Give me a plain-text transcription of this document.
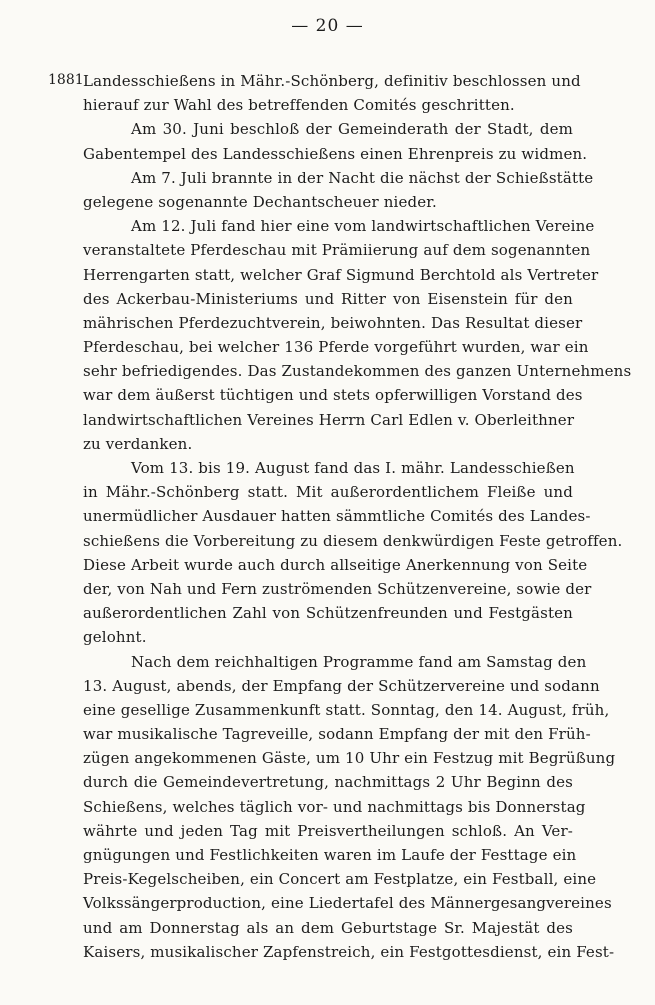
— 20 —
1881 Landesschießens in Mähr.-Schönberg, definitiv beschlossen und
hierauf zur Wahl des betreffenden Comités geschritten.
Am 30. Juni beschloß der Gemeinderath der Stadt, dem
Gabentempel des Landesschießens einen Ehrenpreis zu widmen.
Am 7. Juli brannte in der Nacht die nächst der Schießstätte
gelegene sogenannte Dechantscheuer nieder.
Am 12. Juli fand hier eine vom landwirtschaftlichen Vereine
veranstaltete Pferdeschau mit Prämiierung auf dem sogenannten
Herrengarten statt, welcher Graf Sigmund Berchtold als Vertreter
des Ackerbau-Ministeriums und Ritter von Eisenstein für den
mährischen Pferdezuchtverein, beiwohnten. Das Resultat dieser
Pferdeschau, bei welcher 136 Pferde vorgeführt wurden, war ein
sehr befriedigendes. Das Zustandekommen des ganzen Unternehmens
war dem äußerst tüchtigen und stets opferwilligen Vorstand des
landwirtschaftlichen Vereines Herrn Carl Edlen v. Oberleithner
zu verdanken.
Vom 13. bis 19. August fand das I. mähr. Landesschießen
in Mähr.-Schönberg statt. Mit außerordentlichem Fleiße und
unermüdlicher Ausdauer hatten sämmtliche Comités des Landes-
schießens die Vorbereitung zu diesem denkwürdigen Feste getroffen.
Diese Arbeit wurde auch durch allseitige Anerkennung von Seite
der, von Nah und Fern zuströmenden Schützenvereine, sowie der
außerordentlichen Zahl von Schützenfreunden und Festgästen
gelohnt.
Nach dem reichhaltigen Programme fand am Samstag den
13. August, abends, der Empfang der Schützervereine und sodann
eine gesellige Zusammenkunft statt. Sonntag, den 14. August, früh,
war musikalische Tagreveille, sodann Empfang der mit den Früh-
zügen angekommenen Gäste, um 10 Uhr ein Festzug mit Begrüßung
durch die Gemeindevertretung, nachmittags 2 Uhr Beginn des
Schießens, welches täglich vor- und nachmittags bis Donnerstag
währte und jeden Tag mit Preisvertheilungen schloß. An Ver-
gnügungen und Festlichkeiten waren im Laufe der Festtage ein
Preis-Kegelscheiben, ein Concert am Festplatze, ein Festball, eine
Volkssängerproduction, eine Liedertafel des Männergesangvereines
und am Donnerstag als an dem Geburtstage Sr. Majestät des
Kaisers, musikalischer Zapfenstreich, ein Festgottesdienst, ein Fest-
